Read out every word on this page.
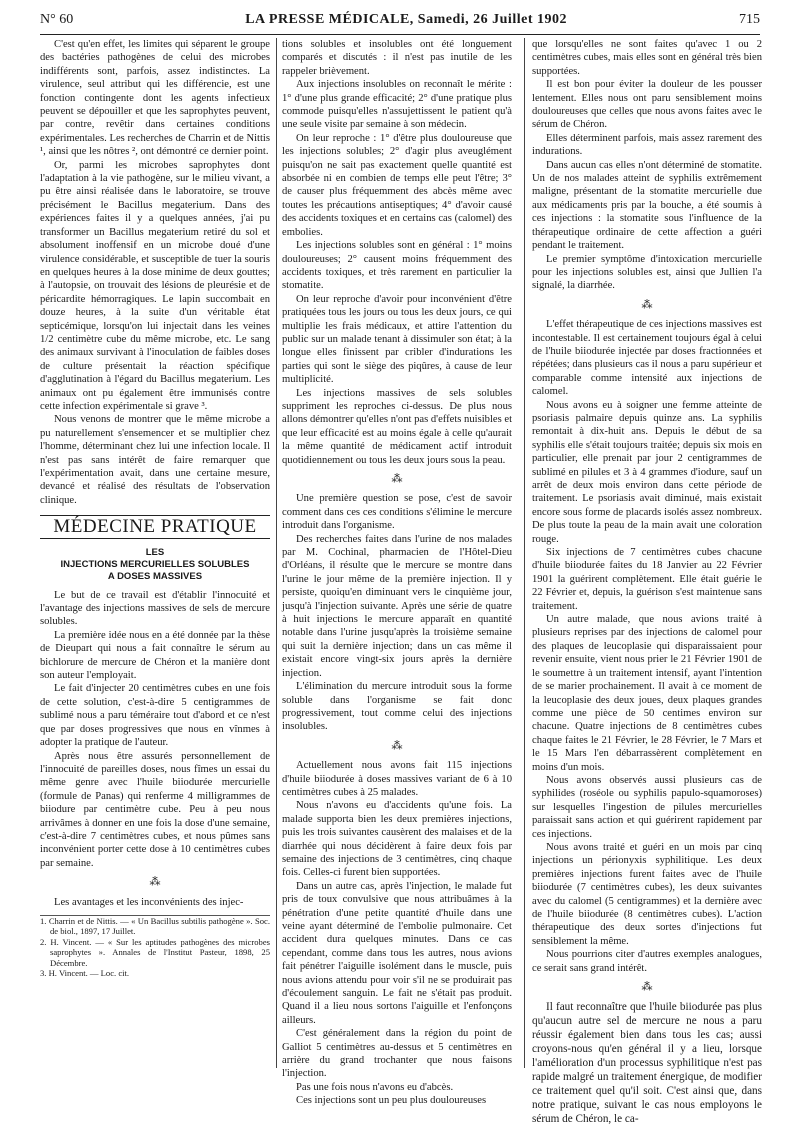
N° 60	LA PRESSE MÉDICALE, Samedi, 26 Juillet 1902	715

C'est qu'en effet, les limites qui séparent le groupe des bactéries pathogènes de celui des microbes indifférents sont, parfois, assez indistinctes. La virulence, seul attribut qui les différencie, est une fonction contingente dont les agents infectieux peuvent se dépouiller et que les saprophytes peuvent, par contre, revêtir dans certaines conditions expérimentales. Les recherches de Charrin et de Nittis ¹, ainsi que les nôtres ², ont démontré ce dernier point.

Or, parmi les microbes saprophytes dont l'adaptation à la vie pathogène, sur le milieu vivant, a pu être ainsi réalisée dans le laboratoire, se trouve précisément le Bacillus megaterium. Dans des expériences faites il y a quelques années, j'ai pu transformer un Bacillus megaterium retiré du sol et absolument inoffensif en un microbe doué d'une virulence considérable, et susceptible de tuer la souris en quelques heures à la dose minime de deux gouttes; à l'autopsie, on trouvait des lésions de pleurésie et de péricardite hémorragiques. Le lapin succombait en douze heures, à la suite d'un véritable état septicémique, lorsqu'on lui injectait dans les veines 1/2 centimètre cube du même microbe, etc. Le sang des animaux survivant à l'inoculation de faibles doses de culture présentait la réaction spécifique d'agglutination à l'égard du Bacillus megaterium. Les animaux ont pu également être immunisés contre cette infection expérimentale si grave ³.

Nous venons de montrer que le même microbe a pu naturellement s'ensemencer et se multiplier chez l'homme, déterminant chez lui une infection locale. Il n'est pas sans intérêt de faire remarquer que l'expérimentation avait, dans une certaine mesure, devancé et réalisé des résultats de l'observation clinique.

MÉDECINE PRATIQUE
LES
INJECTIONS MERCURIELLES SOLUBLES
A DOSES MASSIVES

Le but de ce travail est d'établir l'innocuité et l'avantage des injections massives de sels de mercure solubles.

La première idée nous en a été donnée par la thèse de Dieupart qui nous a fait connaître le sérum au bichlorure de mercure de Chéron et la manière dont son auteur l'employait.

Le fait d'injecter 20 centimètres cubes en une fois de cette solution, c'est-à-dire 5 centigrammes de sublimé nous a paru téméraire tout d'abord et ce n'est que par doses progressives que nous en vînmes à adopter la pratique de l'auteur.

Après nous être assurés personnellement de l'innocuité de pareilles doses, nous fîmes un essai du même genre avec l'huile biiodurée mercurielle (formule de Panas) qui renferme 4 milligrammes de biiodure par centimètre cube. Peu à peu nous arrivâmes à donner en une fois la dose d'une semaine, c'est-à-dire 7 centimètres cubes, et nous pûmes sans inconvénient porter cette dose à 10 centimètres cubes par semaine.

⁂

Les avantages et les inconvénients des injec-

1. Charrin et de Nittis. — « Un Bacillus subtilis pathogène ». Soc. de biol., 1897, 17 Juillet.
2. H. Vincent. — « Sur les aptitudes pathogènes des microbes saprophytes ». Annales de l'Institut Pasteur, 1898, 25 Décembre.
3. H. Vincent. — Loc. cit.

tions solubles et insolubles ont été longuement comparés et discutés : il n'est pas inutile de les rappeler brièvement.

Aux injections insolubles on reconnaît le mérite : 1° d'une plus grande efficacité; 2° d'une pratique plus commode puisqu'elles n'assujettissent le patient qu'à une seule visite par semaine à son médecin.

On leur reproche : 1° d'être plus douloureuse que les injections solubles; 2° d'agir plus aveuglément puisqu'on ne sait pas exactement quelle quantité est absorbée ni en combien de temps elle peut l'être; 3° de causer plus fréquemment des abcès même avec toutes les précautions antiseptiques; 4° d'avoir causé des accidents toxiques et en certains cas (calomel) des embolies.

Les injections solubles sont en général : 1° moins douloureuses; 2° causent moins fréquemment des accidents toxiques, et très rarement en particulier la stomatite.

On leur reproche d'avoir pour inconvénient d'être pratiquées tous les jours ou tous les deux jours, ce qui multiplie les frais médicaux, et attire l'attention du public sur un malade tenant à dissimuler son état; à la longue elles finissent par cribler d'indurations les parties qui sont le siège des piqûres, à cause de leur multiplicité.

Les injections massives de sels solubles suppriment les reproches ci-dessus. De plus nous allons démontrer qu'elles n'ont pas d'effets nuisibles et que leur efficacité est au moins égale à celle qu'aurait la même quantité de médicament actif introduit quotidiennement ou tous les deux jours sous la peau.

⁂

Une première question se pose, c'est de savoir comment dans ces ces conditions s'élimine le mercure introduit dans l'organisme.

Des recherches faites dans l'urine de nos malades par M. Cochinal, pharmacien de l'Hôtel-Dieu d'Orléans, il résulte que le mercure se montre dans l'urine le jour même de la première injection. Il y persiste, quoiqu'en diminuant vers le cinquième jour, jusqu'à l'injection suivante. Après une série de quatre à huit injections le mercure apparaît en quantité notable dans l'urine jusqu'après la troisième semaine qui suit la dernière injection; dans un cas même il existait encore vingt-six jours après la dernière injection.

L'élimination du mercure introduit sous la forme soluble dans l'organisme se fait donc progressivement, tout comme celui des injections insolubles.

⁂

Actuellement nous avons fait 115 injections d'huile biiodurée à doses massives variant de 6 à 10 centimètres cubes à 25 malades.

Nous n'avons eu d'accidents qu'une fois. La malade supporta bien les deux premières injections, puis les trois suivantes causèrent des malaises et de la diarrhée qui nous décidèrent à faire deux fois par semaine des injections de 3 centimètres, cinq chaque fois. Celles-ci furent bien supportées.

Dans un autre cas, après l'injection, le malade fut pris de toux convulsive que nous attribuâmes à la pénétration d'une petite quantité d'huile dans une veine ayant déterminé de l'embolie pulmonaire. Cet accident dura quelques minutes. Dans ce cas cependant, comme dans tous les autres, nous avions fait pénétrer l'aiguille isolément dans le muscle, puis nous avions attendu pour voir s'il ne se produirait pas d'écoulement sanguin. Le fait ne s'était pas produit. Quand il a lieu nous sortons l'aiguille et l'enfonçons ailleurs.

C'est généralement dans la région du point de Galliot 5 centimètres au-dessus et 5 centimètres en arrière du grand trochanter que nous faisons l'injection.

Pas une fois nous n'avons eu d'abcès.

Ces injections sont un peu plus douloureuses

que lorsqu'elles ne sont faites qu'avec 1 ou 2 centimètres cubes, mais elles sont en général très bien supportées.

Il est bon pour éviter la douleur de les pousser lentement. Elles nous ont paru sensiblement moins douloureuses que celles que nous avons faites avec le sérum de Chéron.

Elles déterminent parfois, mais assez rarement des indurations.

Dans aucun cas elles n'ont déterminé de stomatite. Un de nos malades atteint de syphilis extrêmement maligne, présentant de la stomatite mercurielle due aux médicaments pris par la bouche, a été soumis à ces injections : la stomatite sous l'influence de la thérapeutique ordinaire de cette affection a guéri pendant le traitement.

Le premier symptôme d'intoxication mercurielle pour les injections solubles est, ainsi que Jullien l'a signalé, la diarrhée.

⁂

L'effet thérapeutique de ces injections massives est incontestable. Il est certainement toujours égal à celui de l'huile biiodurée injectée par doses fractionnées et répétées; dans plusieurs cas il nous a paru supérieur et comparable comme intensité aux injections de calomel.

Nous avons eu à soigner une femme atteinte de psoriasis palmaire depuis quinze ans. La syphilis remontait à dix-huit ans. Depuis le début de sa syphilis elle s'était toujours traitée; depuis six mois en particulier, elle prenait par jour 2 centigrammes de sublimé en pilules et 3 à 4 grammes d'iodure, sauf un arrêt de deux mois environ dans cette période de traitement. Le psoriasis avait diminué, mais existait encore sous forme de placards isolés assez nombreux. De plus toute la peau de la main avait une coloration rouge.

Six injections de 7 centimètres cubes chacune d'huile biiodurée faites du 18 Janvier au 22 Février 1901 la guérirent complètement. Elle était guérie le 22 Février et, depuis, la guérison s'est maintenue sans traitement.

Un autre malade, que nous avions traité à plusieurs reprises par des injections de calomel pour des plaques de leucoplasie qui disparaissaient pour revenir ensuite, vient nous prier le 21 Février 1901 de le soumettre à un traitement intensif, ayant l'intention de se marier prochainement. Il avait à ce moment de la leucoplasie des deux joues, deux plaques grandes comme une pièce de 50 centimes environ sur chacune. Quatre injections de 8 centimètres cubes chaque faites le 21 Février, le 28 Février, le 7 Mars et le 15 Mars l'en débarrassèrent complètement en moins d'un mois.

Nous avons observés aussi plusieurs cas de syphilides (roséole ou syphilis papulo-squamoroses) sur lesquelles l'ingestion de pilules mercurielles paraissait sans action et qui guérirent rapidement par ces injections.

Nous avons traité et guéri en un mois par cinq injections un périonyxis syphilitique. Les deux premières injections furent faites avec de l'huile biiodurée (7 centimètres cubes), les deux suivantes avec du calomel (5 centigrammes) et la dernière avec de l'huile biiodurée (8 centimètres cubes). L'action thérapeutique des deux sortes d'injections fut sensiblement la même.

Nous pourrions citer d'autres exemples analogues, ce serait sans grand intérêt.

⁂

Il faut reconnaître que l'huile biiodurée pas plus qu'aucun autre sel de mercure ne nous a paru réussir également bien dans tous les cas; aussi croyons-nous qu'en général il y a lieu, lorsque l'amélioration d'un processus syphilitique n'est pas rapide malgré un traitement énergique, de modifier ce traitement quel qu'il soit. C'est ainsi que, dans notre pratique, suivant le cas nous employons le sérum de Chéron, le ca-
